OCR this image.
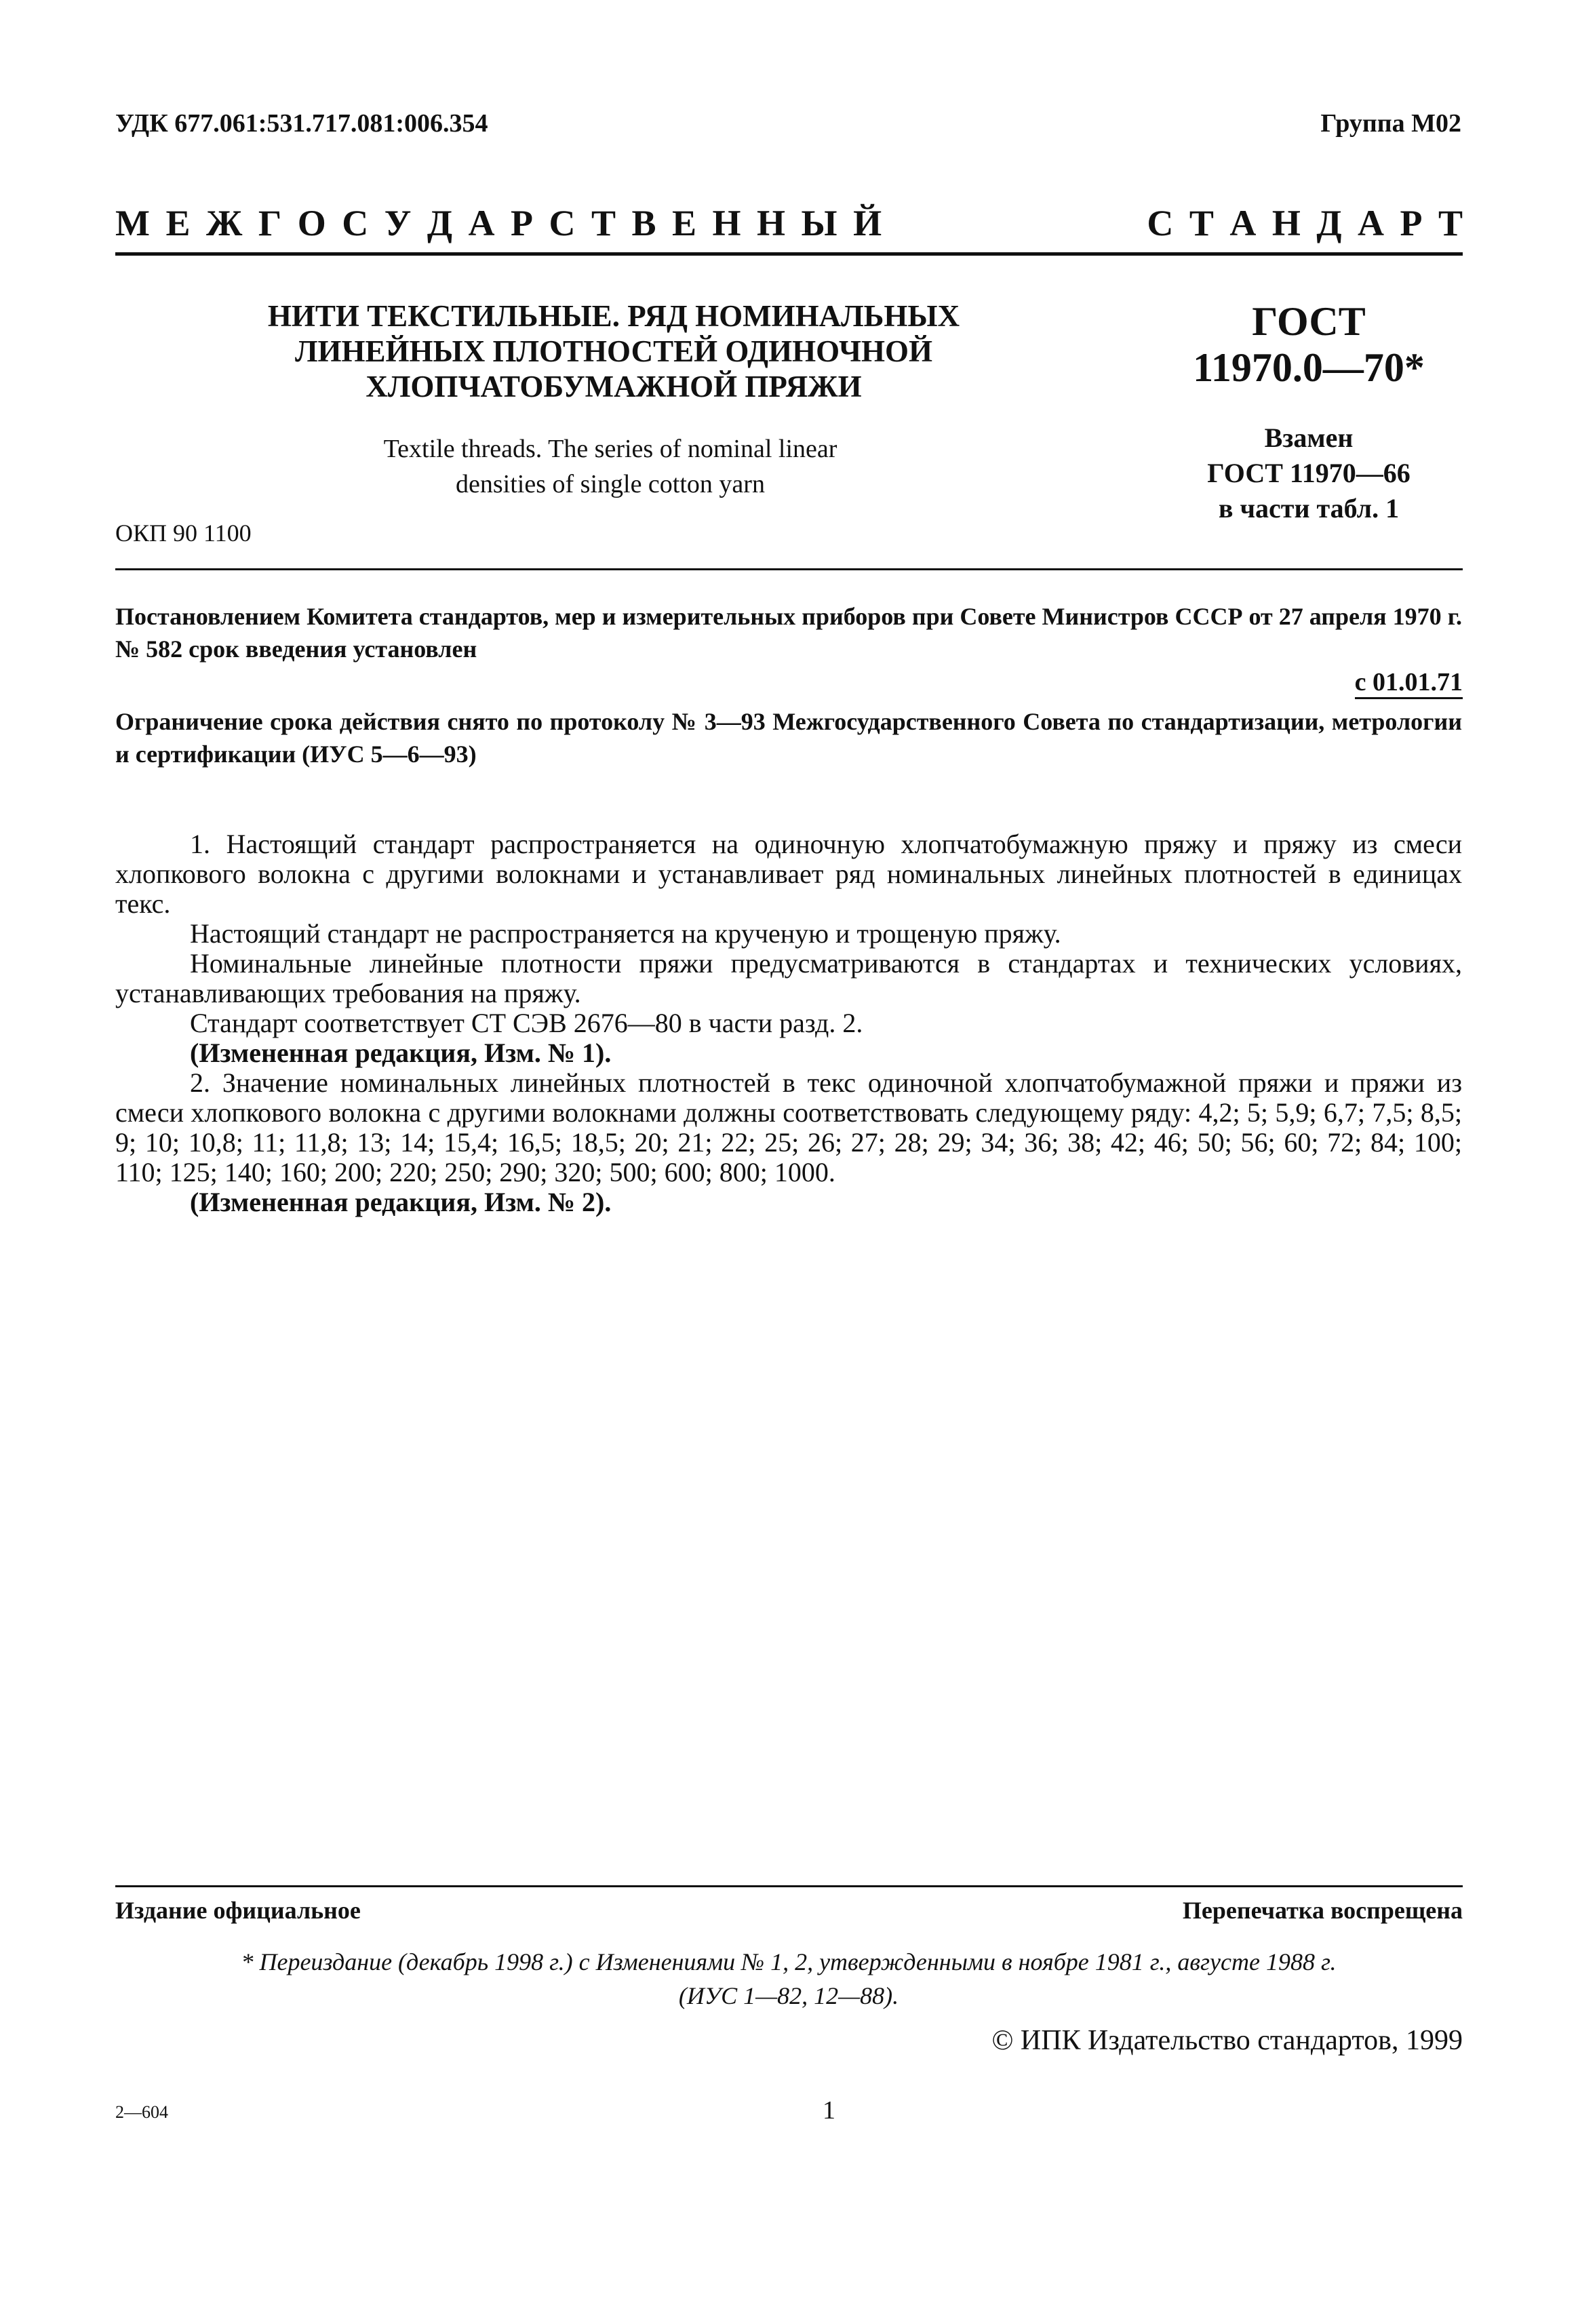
УДК 677.061:531.717.081:006.354	Группа М02
М Е Ж Г О С У Д А Р С Т В Е Н Н Ы Й	С Т А Н Д А Р Т
НИТИ ТЕКСТИЛЬНЫЕ. РЯД НОМИНАЛЬНЫХ
ЛИНЕЙНЫХ ПЛОТНОСТЕЙ ОДИНОЧНОЙ
ХЛОПЧАТОБУМАЖНОЙ ПРЯЖИ
ГОСТ
11970.0—70*
Textile threads. The series of nominal linear
densities of single cotton yarn
Взамен
ГОСТ 11970—66
в части табл. 1
ОКП 90 1100
Постановлением Комитета стандартов, мер и измерительных приборов при Совете Министров СССР от 27 апреля 1970 г. № 582 срок введения установлен
с 01.01.71
Ограничение срока действия снято по протоколу № 3—93 Межгосударственного Совета по стандартизации, метрологии и сертификации (ИУС 5—6—93)

1. Настоящий стандарт распространяется на одиночную хлопчатобумажную пряжу и пряжу из смеси хлопкового волокна с другими волокнами и устанавливает ряд номинальных линейных плотностей в единицах текс.

Настоящий стандарт не распространяется на крученую и трощеную пряжу.

Номинальные линейные плотности пряжи предусматриваются в стандартах и технических условиях, устанавливающих требования на пряжу.

Стандарт соответствует СТ СЭВ 2676—80 в части разд. 2.

(Измененная редакция, Изм. № 1).

2. Значение номинальных линейных плотностей в текс одиночной хлопчатобумажной пряжи и пряжи из смеси хлопкового волокна с другими волокнами должны соответствовать следующему ряду: 4,2; 5; 5,9; 6,7; 7,5; 8,5; 9; 10; 10,8; 11; 11,8; 13; 14; 15,4; 16,5; 18,5; 20; 21; 22; 25; 26; 27; 28; 29; 34; 36; 38; 42; 46; 50; 56; 60; 72; 84; 100; 110; 125; 140; 160; 200; 220; 250; 290; 320; 500; 600; 800; 1000.

(Измененная редакция, Изм. № 2).

Издание официальное	Перепечатка воспрещена
* Переиздание (декабрь 1998 г.) с Изменениями № 1, 2, утвержденными в ноябре 1981 г., августе 1988 г.
(ИУС 1—82, 12—88).
© ИПК Издательство стандартов, 1999
2—604	1
